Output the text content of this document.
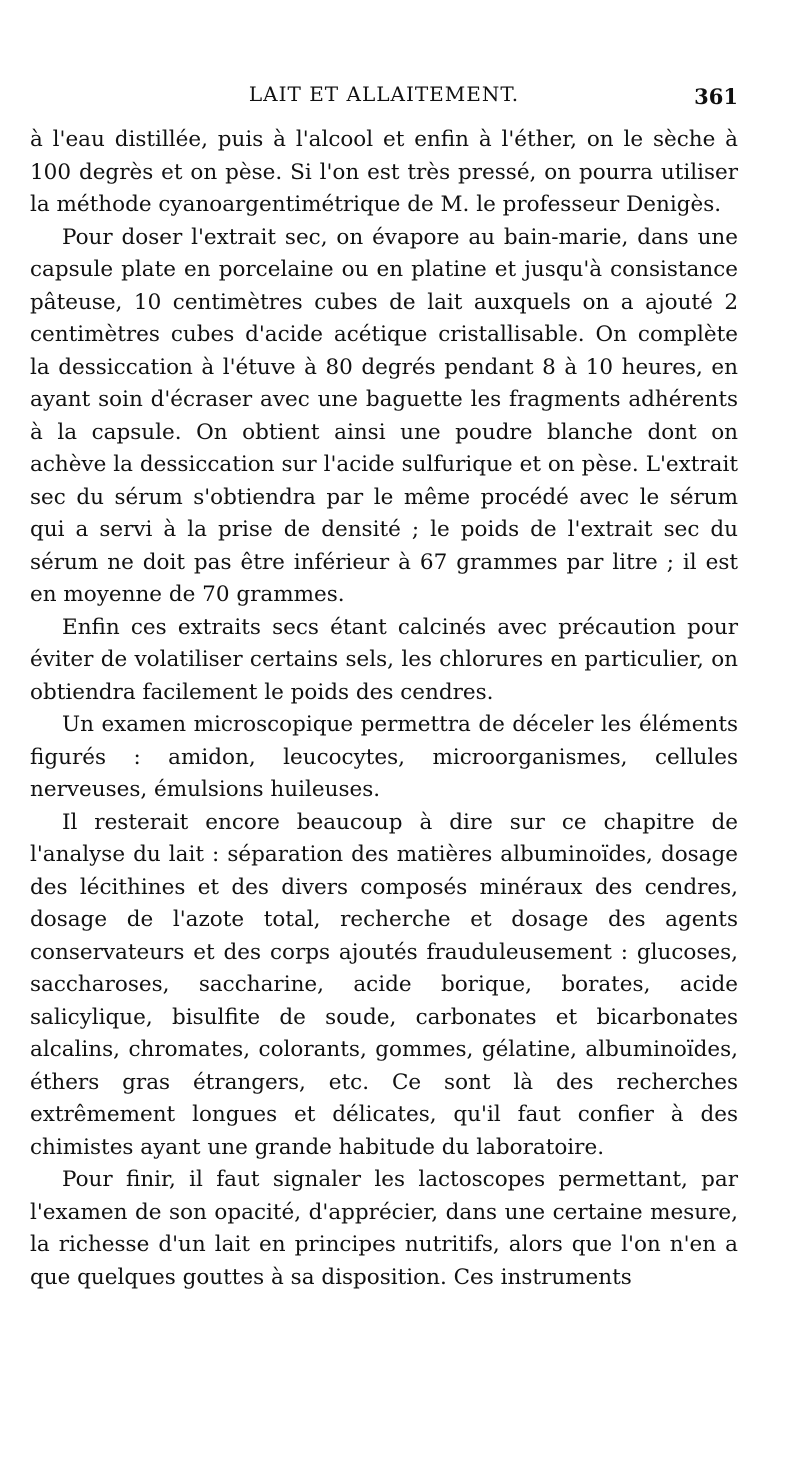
LAIT ET ALLAITEMENT.	361

à l'eau distillée, puis à l'alcool et enfin à l'éther, on le sèche à 100 degrès et on pèse. Si l'on est très pressé, on pourra utiliser la méthode cyanoargentimétrique de M. le professeur Denigès.

Pour doser l'extrait sec, on évapore au bain-marie, dans une capsule plate en porcelaine ou en platine et jusqu'à consistance pâteuse, 10 centimètres cubes de lait auxquels on a ajouté 2 centimètres cubes d'acide acétique cristallisable. On complète la dessiccation à l'étuve à 80 degrés pendant 8 à 10 heures, en ayant soin d'écraser avec une baguette les fragments adhérents à la capsule. On obtient ainsi une poudre blanche dont on achève la dessiccation sur l'acide sulfurique et on pèse. L'extrait sec du sérum s'obtiendra par le même procédé avec le sérum qui a servi à la prise de densité ; le poids de l'extrait sec du sérum ne doit pas être inférieur à 67 grammes par litre ; il est en moyenne de 70 grammes.

Enfin ces extraits secs étant calcinés avec précaution pour éviter de volatiliser certains sels, les chlorures en particulier, on obtiendra facilement le poids des cendres.

Un examen microscopique permettra de déceler les éléments figurés : amidon, leucocytes, microorganismes, cellules nerveuses, émulsions huileuses.

Il resterait encore beaucoup à dire sur ce chapitre de l'analyse du lait : séparation des matières albuminoïdes, dosage des lécithines et des divers composés minéraux des cendres, dosage de l'azote total, recherche et dosage des agents conservateurs et des corps ajoutés frauduleusement : glucoses, saccharoses, saccharine, acide borique, borates, acide salicylique, bisulfite de soude, carbonates et bicarbonates alcalins, chromates, colorants, gommes, gélatine, albuminoïdes, éthers gras étrangers, etc. Ce sont là des recherches extrêmement longues et délicates, qu'il faut confier à des chimistes ayant une grande habitude du laboratoire.

Pour finir, il faut signaler les lactoscopes permettant, par l'examen de son opacité, d'apprécier, dans une certaine mesure, la richesse d'un lait en principes nutritifs, alors que l'on n'en a que quelques gouttes à sa disposition. Ces instruments
